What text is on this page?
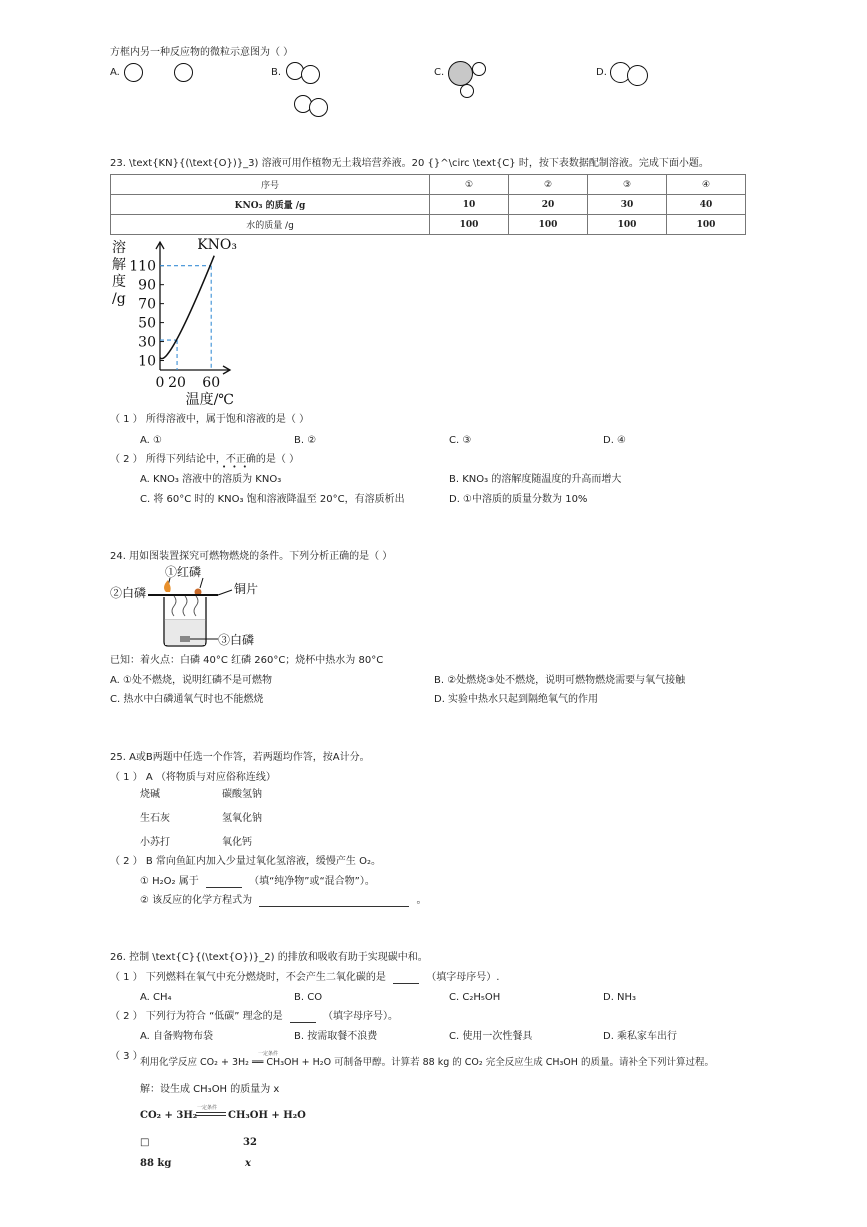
方框内另一种反应物的微粒示意图为（ ）
A.	B.	C.	D.
23. \text{KN}{(\text{O})}_3) 溶液可用作植物无土栽培营养液。20 {}^\circ \text{C} 时，按下表数据配制溶液。完成下面小题。
序号	①	②	③	④
KNO₃ 的质量 /g	10	20	30	40
水的质量 /g	100	100	100	100
10
30
50
70
90
110
0 20 60
溶
解
度
/g
温度/℃
KNO₃
（ 1 ） 所得溶液中，属于饱和溶液的是（ ）
A. ①	B. ②	C. ③	D. ④
（ 2 ） 所得下列结论中，不正确的是（ ）
• • •
A. KNO₃ 溶液中的溶质为 KNO₃	B. KNO₃ 的溶解度随温度的升高而增大
C. 将 60°C 时的 KNO₃ 饱和溶液降温至 20°C，有溶质析出	D. ①中溶质的质量分数为 10%
24. 用如图装置探究可燃物燃烧的条件。下列分析正确的是（ ）
①红磷
②白磷	铜片
③白磷
已知：着火点：白磷 40°C 红磷 260°C；烧杯中热水为 80°C
A. ①处不燃烧，说明红磷不是可燃物	B. ②处燃烧③处不燃烧，说明可燃物燃烧需要与氧气接触
C. 热水中白磷通氧气时也不能燃烧	D. 实验中热水只起到隔绝氧气的作用
25. A或B两题中任选一个作答，若两题均作答，按A计分。
（ 1 ） A （将物质与对应俗称连线）
烧碱	碳酸氢钠
生石灰	氢氧化钠
小苏打	氧化钙
（ 2 ） B 常向鱼缸内加入少量过氧化氢溶液，缓慢产生 O₂。
① H₂O₂ 属于	（填“纯净物”或“混合物”）。
② 该反应的化学方程式为	。
26. 控制 \text{C}{(\text{O})}_2) 的排放和吸收有助于实现碳中和。
（ 1 ） 下列燃料在氧气中充分燃烧时，不会产生二氧化碳的是	（填字母序号）.
A. CH₄	B. CO	C. C₂H₅OH	D. NH₃
（ 2 ） 下列行为符合 “低碳” 理念的是	（填字母序号）。
A. 自备购物布袋	B. 按需取餐不浪费	C. 使用一次性餐具	D. 乘私家车出行
（ 3 ）
利用化学反应 CO₂ + 3H₂ ══ CH₃OH + H₂O 可制备甲醇。计算若 88 kg 的 CO₂ 完全反应生成 CH₃OH 的质量。请补全下列计算过程。
一定条件
解：设生成 CH₃OH 的质量为 x
CO₂ + 3H₂
一定条件
CH₃OH + H₂O
□	32
88 kg	x
